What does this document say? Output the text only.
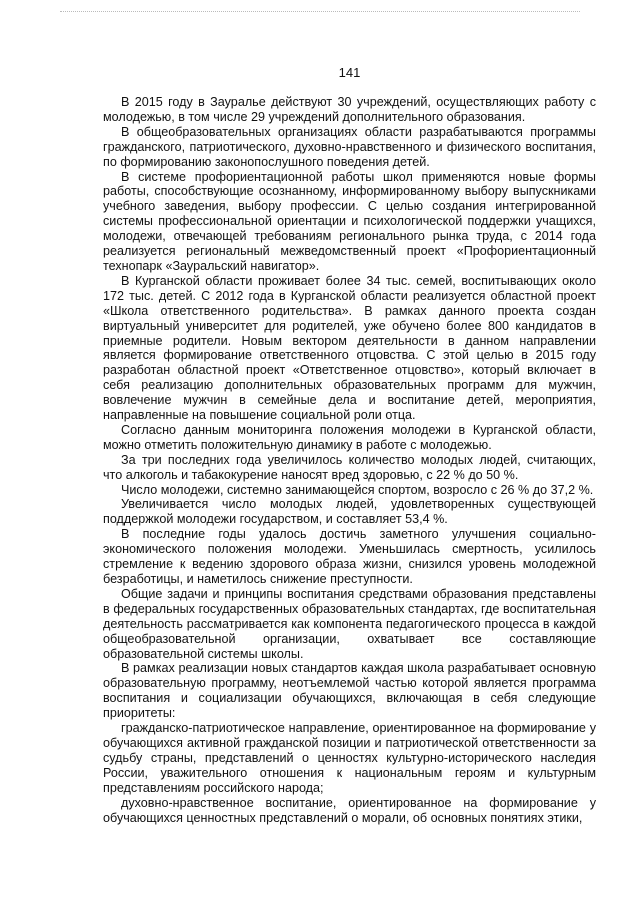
141

В 2015 году в Зауралье действуют 30 учреждений, осуществляющих работу с молодежью, в том числе 29 учреждений дополнительного образования.

В общеобразовательных организациях области разрабатываются программы гражданского, патриотического, духовно-нравственного и физического воспитания, по формированию законопослушного поведения детей.

В системе профориентационной работы школ применяются новые формы работы, способствующие осознанному, информированному выбору выпускниками учебного заведения, выбору профессии. С целью создания интегрированной системы профессиональной ориентации и психологической поддержки учащихся, молодежи, отвечающей требованиям регионального рынка труда, с 2014 года реализуется региональный межведомственный проект «Профориентационный технопарк «Зауральский навигатор».

В Курганской области проживает более 34 тыс. семей, воспитывающих около 172 тыс. детей. С 2012 года в Курганской области реализуется областной проект «Школа ответственного родительства». В рамках данного проекта создан виртуальный университет для родителей, уже обучено более 800 кандидатов в приемные родители. Новым вектором деятельности в данном направлении является формирование ответственного отцовства. С этой целью в 2015 году разработан областной проект «Ответственное отцовство», который включает в себя реализацию дополнительных образовательных программ для мужчин, вовлечение мужчин в семейные дела и воспитание детей, мероприятия, направленные на повышение социальной роли отца.

Согласно данным мониторинга положения молодежи в Курганской области, можно отметить положительную динамику в работе с молодежью.

За три последних года увеличилось количество молодых людей, считающих, что алкоголь и табакокурение наносят вред здоровью, с 22 % до 50 %.

Число молодежи, системно занимающейся спортом, возросло с 26 % до 37,2 %.

Увеличивается число молодых людей, удовлетворенных существующей поддержкой молодежи государством, и составляет 53,4 %.

В последние годы удалось достичь заметного улучшения социально-экономического положения молодежи. Уменьшилась смертность, усилилось стремление к ведению здорового образа жизни, снизился уровень молодежной безработицы, и наметилось снижение преступности.

Общие задачи и принципы воспитания средствами образования представлены в федеральных государственных образовательных стандартах, где воспитательная деятельность рассматривается как компонента педагогического процесса в каждой общеобразовательной организации, охватывает все составляющие образовательной системы школы.

В рамках реализации новых стандартов каждая школа разрабатывает основную образовательную программу, неотъемлемой частью которой является программа воспитания и социализации обучающихся, включающая в себя следующие приоритеты:

гражданско-патриотическое направление, ориентированное на формирование у обучающихся активной гражданской позиции и патриотической ответственности за судьбу страны, представлений о ценностях культурно-исторического наследия России, уважительного отношения к национальным героям и культурным представлениям российского народа;

духовно-нравственное воспитание, ориентированное на формирование у обучающихся ценностных представлений о морали, об основных понятиях этики,
